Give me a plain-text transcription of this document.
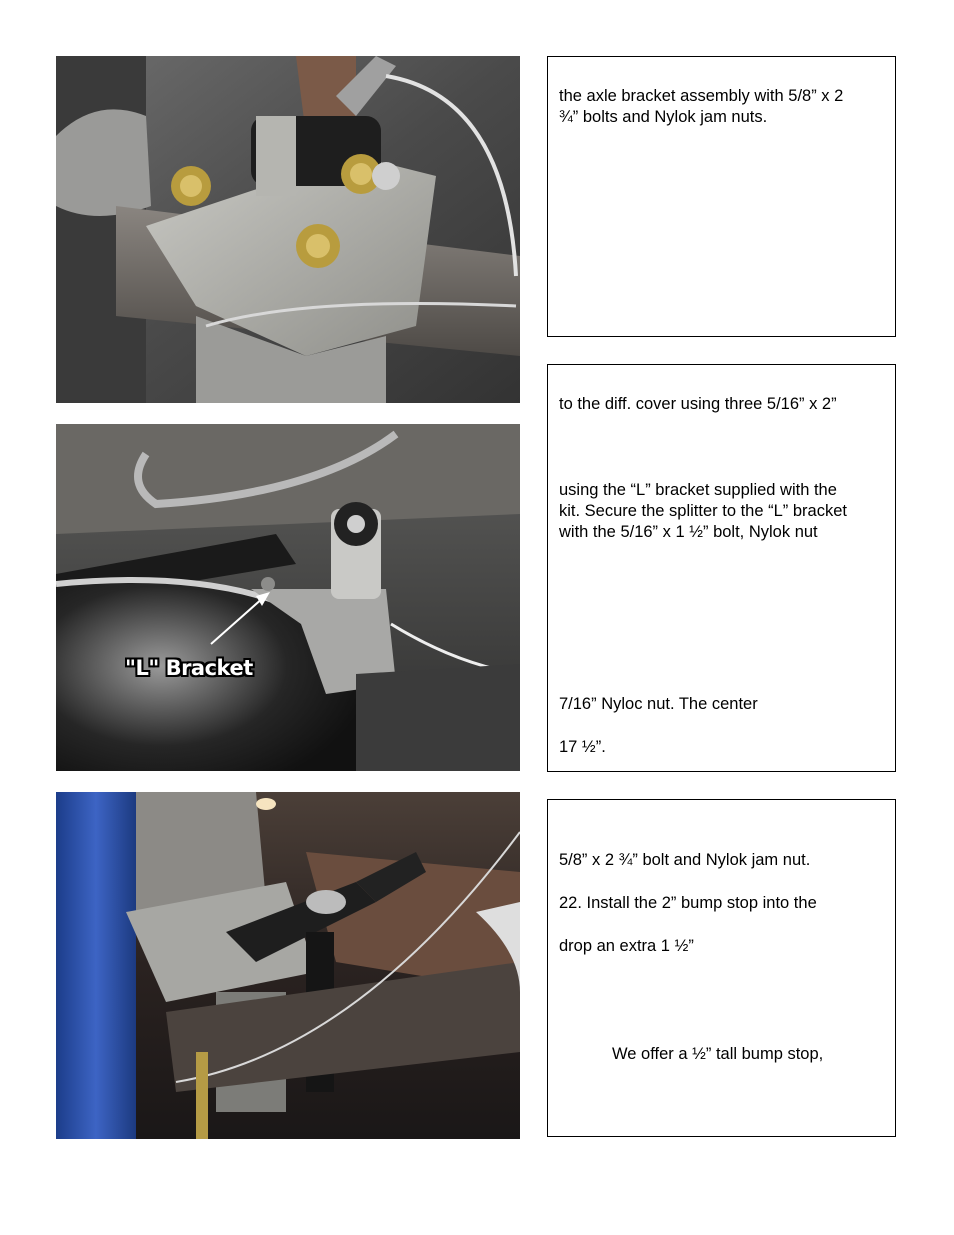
"L" Bracket
the axle bracket assembly with 5/8” x 2
¾” bolts and Nylok jam nuts.
to the diff. cover using three 5/16” x 2”
using the “L” bracket supplied with the
kit. Secure the splitter to the “L” bracket
with the 5/16” x 1 ½” bolt, Nylok nut
7/16” Nyloc nut. The center
17 ½”.
5/8” x 2 ¾” bolt and Nylok jam nut.
22. Install the 2” bump stop into the
drop an extra 1 ½”
We offer a ½” tall bump stop,
